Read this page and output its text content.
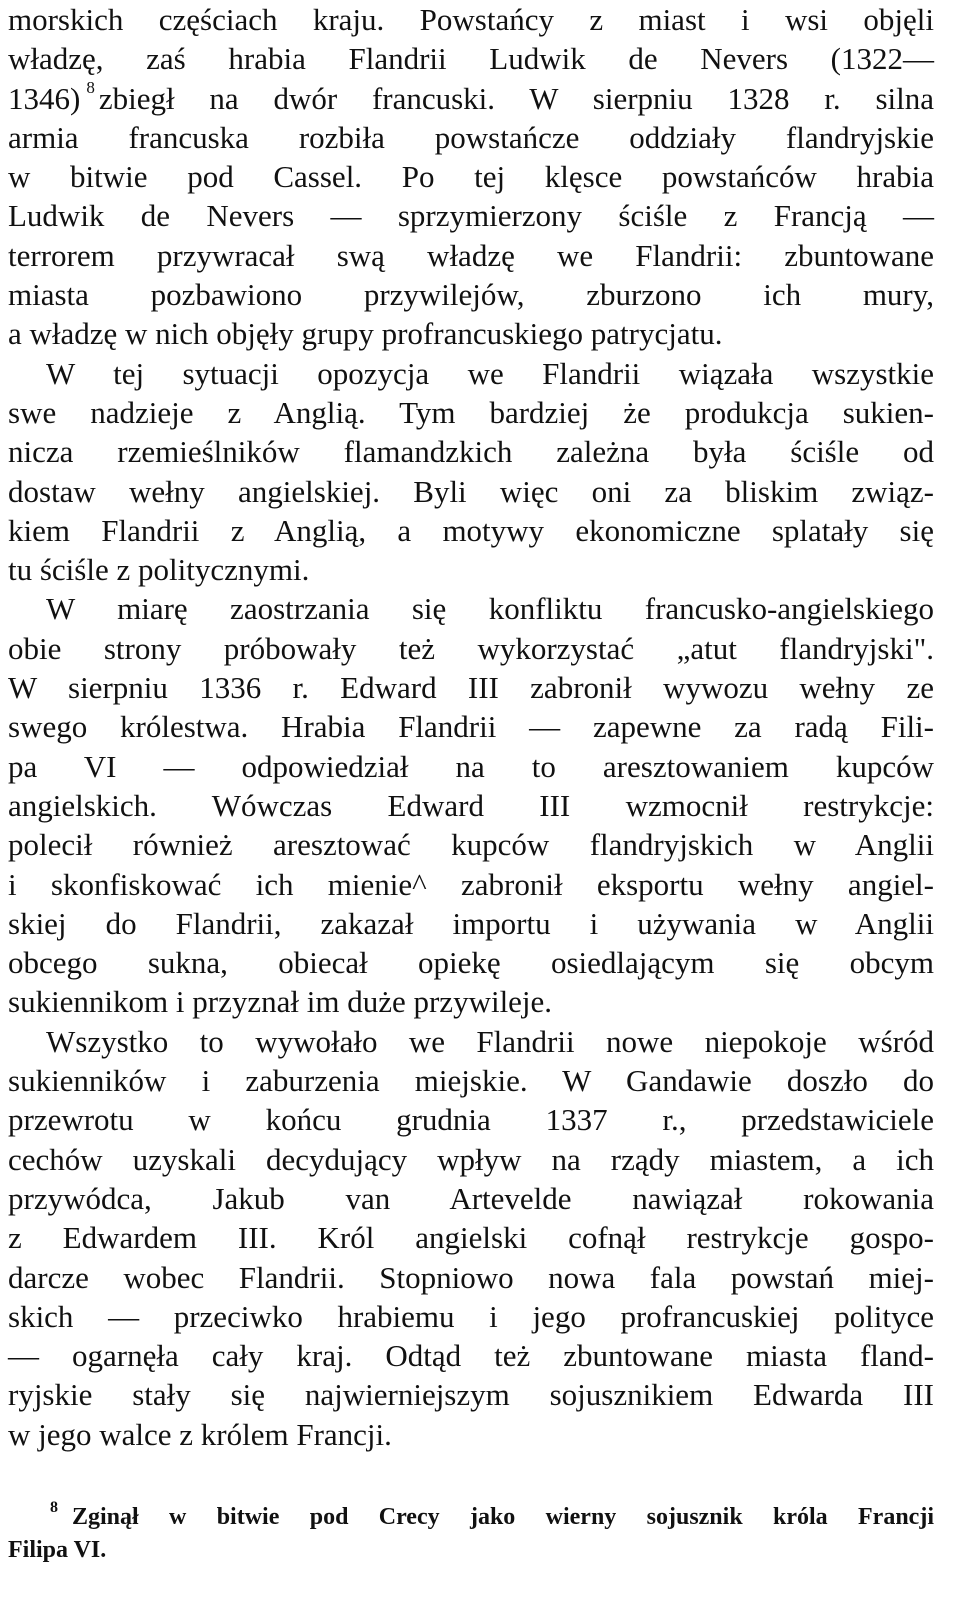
morskich częściach kraju. Powstańcy z miast i wsi objęli
władzę, zaś hrabia Flandrii Ludwik de Nevers (1322—
1346) $^8$ zbiegł na dwór francuski. W sierpniu 1328 r. silna
armia francuska rozbiła powstańcze oddziały flandryjskie
w bitwie pod Cassel. Po tej klęsce powstańców hrabia
Ludwik de Nevers — sprzymierzony ściśle z Francją —
terrorem przywracał swą władzę we Flandrii: zbuntowane
miasta pozbawiono przywilejów, zburzono ich mury,
a władzę w nich objęły grupy profrancuskiego patrycjatu.
W tej sytuacji opozycja we Flandrii wiązała wszystkie
swe nadzieje z Anglią. Tym bardziej że produkcja sukien-
nicza rzemieślników flamandzkich zależna była ściśle od
dostaw wełny angielskiej. Byli więc oni za bliskim związ-
kiem Flandrii z Anglią, a motywy ekonomiczne splatały się
tu ściśle z politycznymi.
W miarę zaostrzania się konfliktu francusko-angielskiego
obie strony próbowały też wykorzystać „atut flandryjski".
W sierpniu 1336 r. Edward III zabronił wywozu wełny ze
swego królestwa. Hrabia Flandrii — zapewne za radą Fili-
pa VI — odpowiedział na to aresztowaniem kupców
angielskich. Wówczas Edward III wzmocnił restrykcje:
polecił również aresztować kupców flandryjskich w Anglii
i skonfiskować ich mienie^ zabronił eksportu wełny angiel-
skiej do Flandrii, zakazał importu i używania w Anglii
obcego sukna, obiecał opiekę osiedlającym się obcym
sukiennikom i przyznał im duże przywileje.
Wszystko to wywołało we Flandrii nowe niepokoje wśród
sukienników i zaburzenia miejskie. W Gandawie doszło do
przewrotu w końcu grudnia 1337 r., przedstawiciele
cechów uzyskali decydujący wpływ na rządy miastem, a ich
przywódca, Jakub van Artevelde nawiązał rokowania
z Edwardem III. Król angielski cofnął restrykcje gospo-
darcze wobec Flandrii. Stopniowo nowa fala powstań miej-
skich — przeciwko hrabiemu i jego profrancuskiej polityce
— ogarnęła cały kraj. Odtąd też zbuntowane miasta fland-
ryjskie stały się najwierniejszym sojusznikiem Edwarda III
w jego walce z królem Francji.
$^8$ Zginął w bitwie pod Crecy jako wierny sojusznik króla Francji
Filipa VI.
